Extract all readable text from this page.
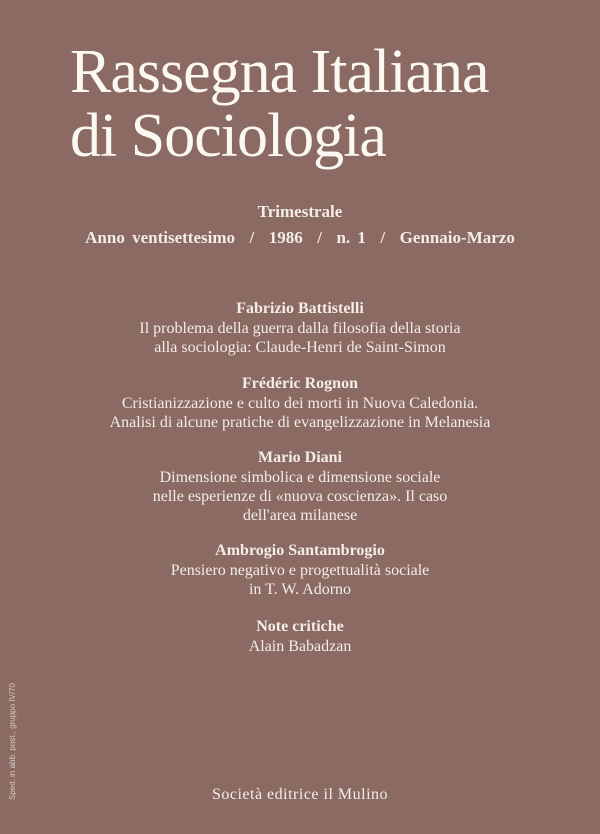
Rassegna Italiana
di Sociologia
Trimestrale
Anno ventisettesimo  /  1986  /  n. 1  /  Gennaio-Marzo
Fabrizio Battistelli
Il problema della guerra dalla filosofia della storia
alla sociologia: Claude-Henri de Saint-Simon
Frédéric Rognon
Cristianizzazione e culto dei morti in Nuova Caledonia.
Analisi di alcune pratiche di evangelizzazione in Melanesia
Mario Diani
Dimensione simbolica e dimensione sociale
nelle esperienze di «nuova coscienza». Il caso
dell'area milanese
Ambrogio Santambrogio
Pensiero negativo e progettualità sociale
in T. W. Adorno
Note critiche
Alain Babadzan
Società editrice il Mulino
Sped. in abb. post., gruppo IV/70
